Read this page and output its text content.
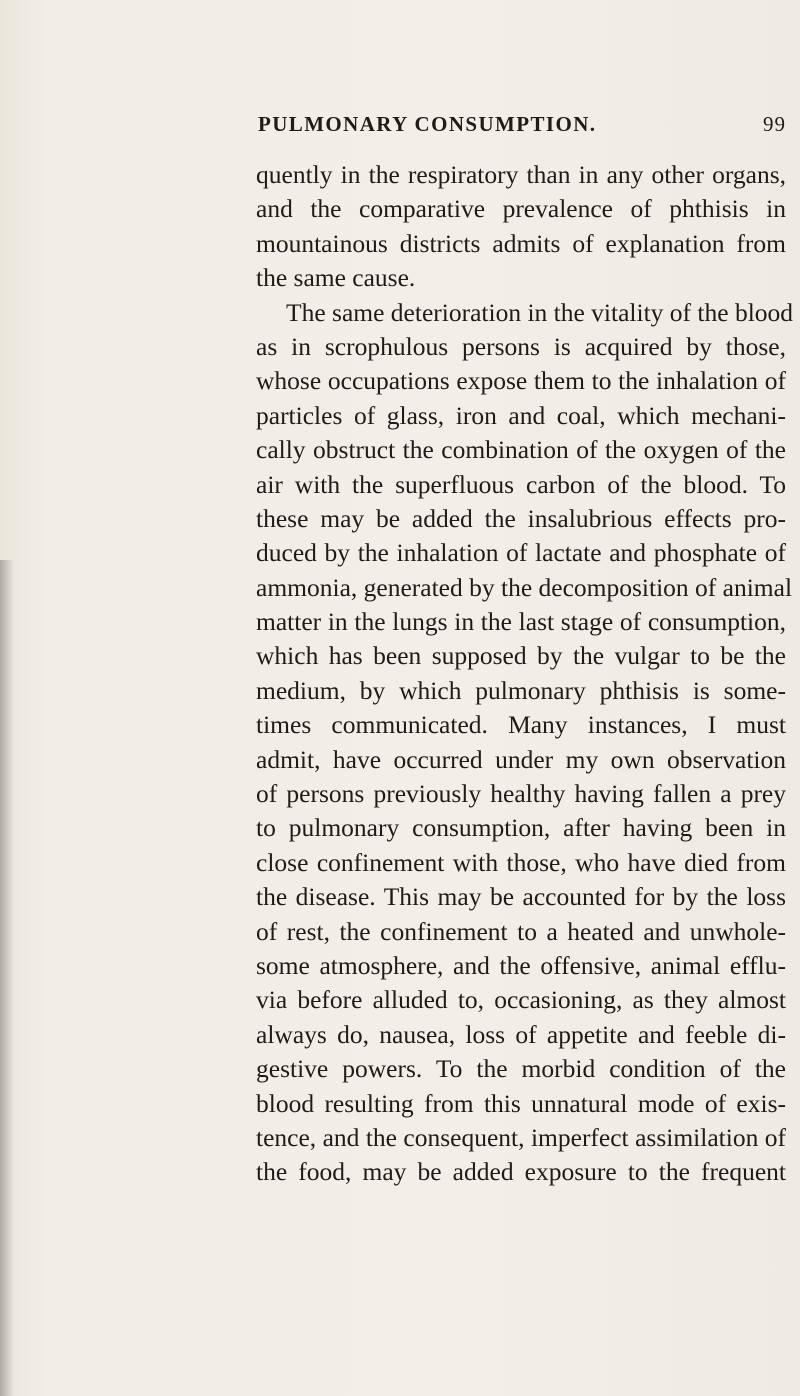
PULMONARY CONSUMPTION.	99
quently in the respiratory than in any other organs,
and the comparative prevalence of phthisis in
mountainous districts admits of explanation from
the same cause.
The same deterioration in the vitality of the blood
as in scrophulous persons is acquired by those,
whose occupations expose them to the inhalation of
particles of glass, iron and coal, which mechani-
cally obstruct the combination of the oxygen of the
air with the superfluous carbon of the blood. To
these may be added the insalubrious effects pro-
duced by the inhalation of lactate and phosphate of
ammonia, generated by the decomposition of animal
matter in the lungs in the last stage of consumption,
which has been supposed by the vulgar to be the
medium, by which pulmonary phthisis is some-
times communicated. Many instances, I must
admit, have occurred under my own observation
of persons previously healthy having fallen a prey
to pulmonary consumption, after having been in
close confinement with those, who have died from
the disease. This may be accounted for by the loss
of rest, the confinement to a heated and unwhole-
some atmosphere, and the offensive, animal efflu-
via before alluded to, occasioning, as they almost
always do, nausea, loss of appetite and feeble di-
gestive powers. To the morbid condition of the
blood resulting from this unnatural mode of exis-
tence, and the consequent, imperfect assimilation of
the food, may be added exposure to the frequent
